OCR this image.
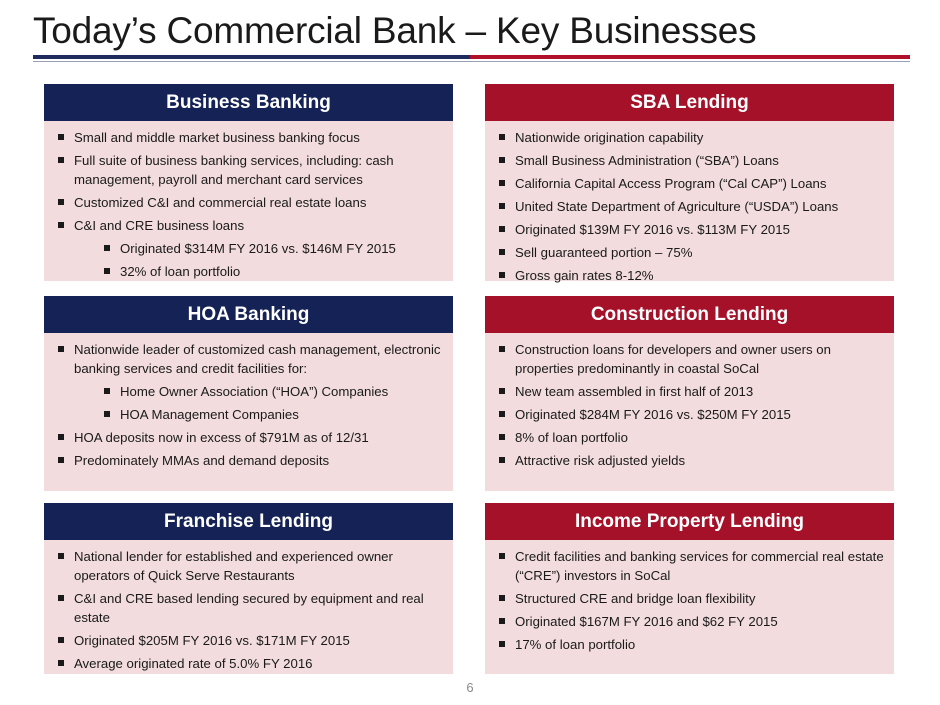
Today’s Commercial Bank – Key Businesses
Business Banking
Small and middle market business banking focus
Full suite of business banking services, including: cash management, payroll and merchant card services
Customized C&I and commercial real estate loans
C&I and CRE business loans
Originated $314M FY 2016 vs. $146M FY 2015
32% of loan portfolio
SBA Lending
Nationwide origination capability
Small Business Administration (“SBA”) Loans
California Capital Access Program (“Cal CAP”) Loans
United State Department of Agriculture (“USDA”) Loans
Originated $139M FY 2016 vs. $113M FY 2015
Sell guaranteed portion – 75%
Gross gain rates 8-12%
HOA Banking
Nationwide leader of customized cash management, electronic banking services and credit facilities for:
Home Owner Association (“HOA”) Companies
HOA Management Companies
HOA deposits now in excess of $791M as of 12/31
Predominately MMAs and demand deposits
Construction Lending
Construction loans for developers and owner users on properties predominantly in coastal SoCal
New team assembled in first half of 2013
Originated $284M FY 2016 vs. $250M FY 2015
8% of loan portfolio
Attractive risk adjusted yields
Franchise Lending
National lender for established and experienced owner operators of Quick Serve Restaurants
C&I and CRE based lending secured by equipment and real estate
Originated $205M FY 2016 vs. $171M FY 2015
Average originated rate of 5.0% FY 2016
Income Property Lending
Credit facilities and banking services for commercial real estate (“CRE”) investors in SoCal
Structured CRE and bridge loan flexibility
Originated $167M FY 2016 and $62 FY 2015
17% of loan portfolio
6
